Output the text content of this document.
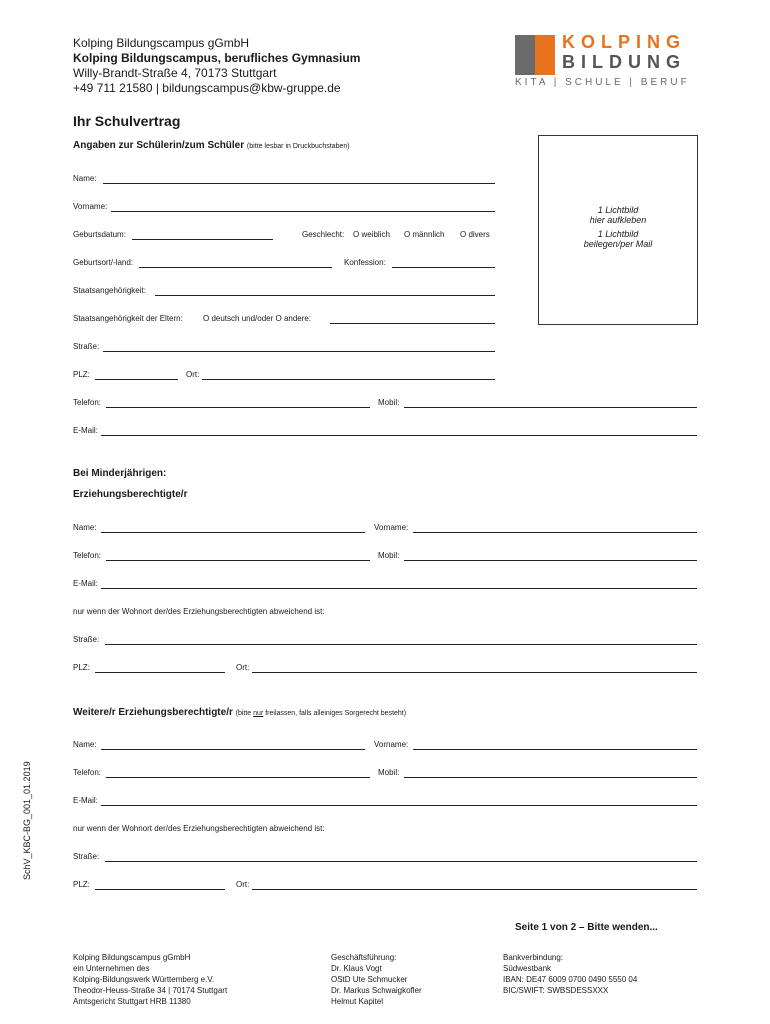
Kolping Bildungscampus gGmbH
Kolping Bildungscampus, berufliches Gymnasium
Willy-Brandt-Straße 4, 70173 Stuttgart
+49 711 21580 | bildungscampus@kbw-gruppe.de
KOLPING
BILDUNG
KITA | SCHULE | BERUF
Ihr Schulvertrag
Angaben zur Schülerin/zum Schüler (bitte lesbar in Druckbuchstaben)
1 Lichtbild
hier aufkleben
1 Lichtbild
beilegen/per Mail
Name:
Vorname:
Geburtsdatum:	Geschlecht: O weiblich O männlich O divers
Geburtsort/-land:	Konfession:
Staatsangehörigkeit:
Staatsangehörigkeit der Eltern:	O deutsch und/oder O andere:
Straße:
PLZ:	Ort:
Telefon:	Mobil:
E-Mail:
Bei Minderjährigen:
Erziehungsberechtigte/r
Name:	Vorname:
Telefon:	Mobil:
E-Mail:
nur wenn der Wohnort der/des Erziehungsberechtigten abweichend ist:
Straße:
PLZ:	Ort:
Weitere/r Erziehungsberechtigte/r (bitte nur freilassen, falls alleiniges Sorgerecht besteht)
Name:	Vorname:
Telefon:	Mobil:
E-Mail:
nur wenn der Wohnort der/des Erziehungsberechtigten abweichend ist:
Straße:
PLZ:	Ort:
SchV_KBC-BG_001_01.2019
Seite 1 von 2 – Bitte wenden...
Kolping Bildungscampus gGmbH
ein Unternehmen des
Kolping-Bildungswerk Württemberg e.V.
Theodor-Heuss-Straße 34 | 70174 Stuttgart
Amtsgericht Stuttgart HRB 11380
Geschäftsführung:
Dr. Klaus Vogt
OStD Ute Schmucker
Dr. Markus Schwaigkofler
Helmut Kapitel
Bankverbindung:
Südwestbank
IBAN: DE47 6009 0700 0490 5550 04
BIC/SWIFT: SWBSDESSXXX
